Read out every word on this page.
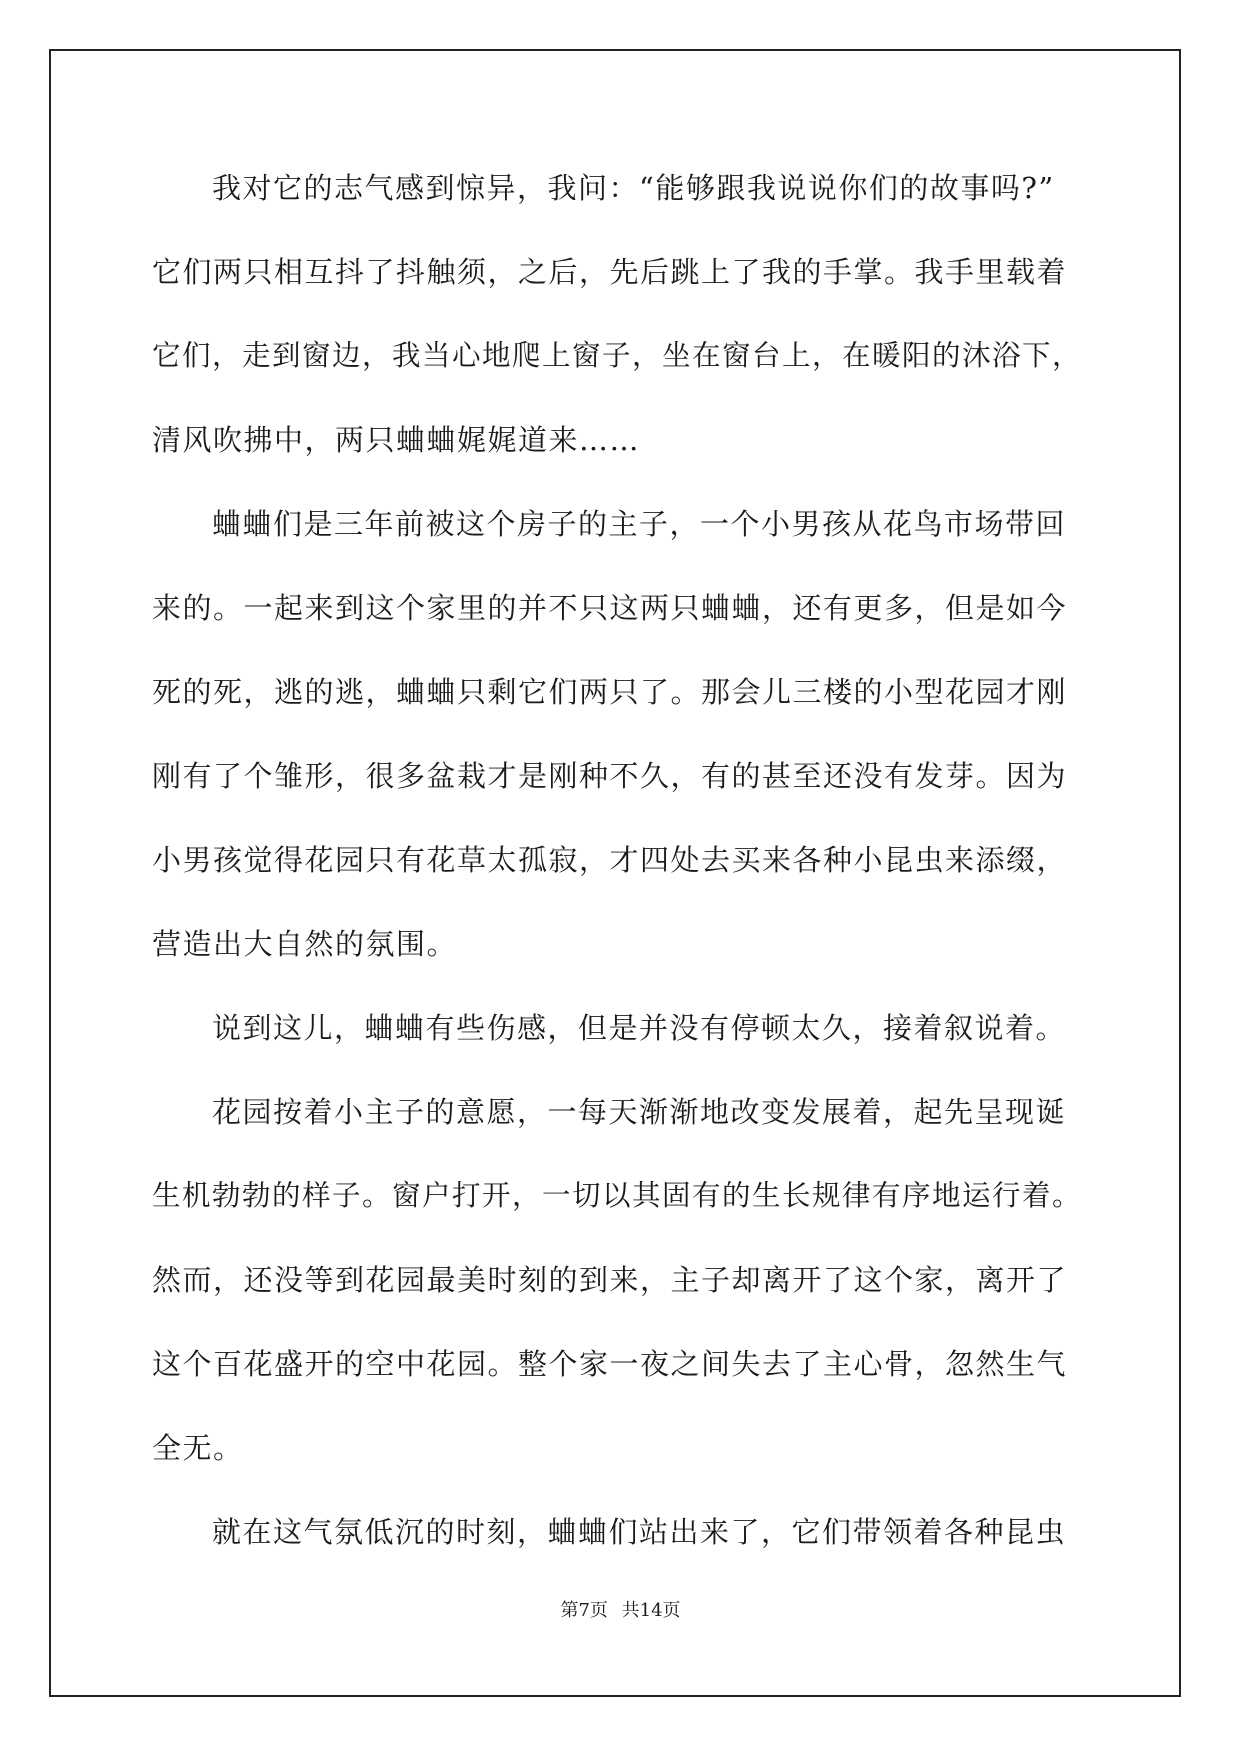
我对它的志气感到惊异，我问：“能够跟我说说你们的故事吗?”
它们两只相互抖了抖触须，之后，先后跳上了我的手掌。我手里载着
它们，走到窗边，我当心地爬上窗子，坐在窗台上，在暖阳的沐浴下，
清风吹拂中，两只蛐蛐娓娓道来……
蛐蛐们是三年前被这个房子的主子，一个小男孩从花鸟市场带回
来的。一起来到这个家里的并不只这两只蛐蛐，还有更多，但是如今
死的死，逃的逃，蛐蛐只剩它们两只了。那会儿三楼的小型花园才刚
刚有了个雏形，很多盆栽才是刚种不久，有的甚至还没有发芽。因为
小男孩觉得花园只有花草太孤寂，才四处去买来各种小昆虫来添缀，
营造出大自然的氛围。
说到这儿，蛐蛐有些伤感，但是并没有停顿太久，接着叙说着。
花园按着小主子的意愿，一每天渐渐地改变发展着，起先呈现诞
生机勃勃的样子。窗户打开，一切以其固有的生长规律有序地运行着。
然而，还没等到花园最美时刻的到来，主子却离开了这个家，离开了
这个百花盛开的空中花园。整个家一夜之间失去了主心骨，忽然生气
全无。
就在这气氛低沉的时刻，蛐蛐们站出来了，它们带领着各种昆虫
第7页 共14页
